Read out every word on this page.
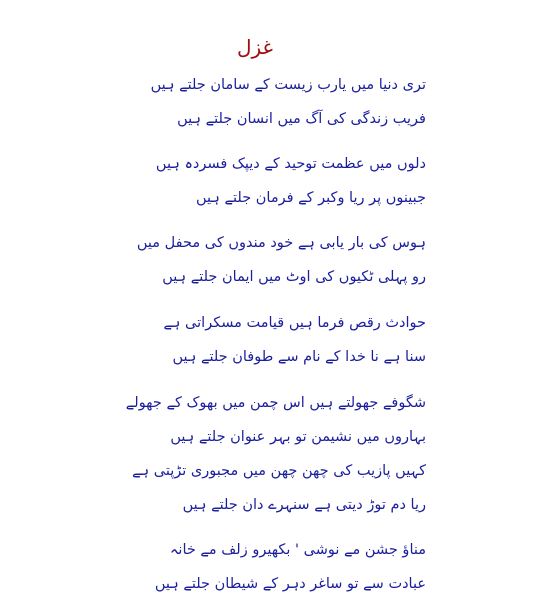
غزل
تری دنیا میں یارب زیست کے سامان جلتے ہیں
فریب زندگی کی آگ میں انسان جلتے ہیں
دلوں میں عظمت توحید کے دیپک فسردہ ہیں
جبینوں پر ریا وکبر کے فرمان جلتے ہیں
ہوس کی بار یابی ہے خود مندوں کی محفل میں
رو پہلی ٹکیوں کی اوٹ میں ایمان جلتے ہیں
حوادث رقص فرما ہیں قیامت مسکراتی ہے
سنا ہے نا خدا کے نام سے طوفان جلتے ہیں
شگوفے جھولتے ہیں اس چمن میں بھوک کے جھولے
بہاروں میں نشیمن تو بہر عنوان جلتے ہیں
کہیں پازیب کی چھن چھن میں مجبوری تڑپتی ہے
ریا دم توڑ دیتی ہے سنہرے دان جلتے ہیں
مناؤ جشن مے نوشی ' بکھیرو زلف مے خانہ
عبادت سے تو ساغر دہر کے شیطان جلتے ہیں
